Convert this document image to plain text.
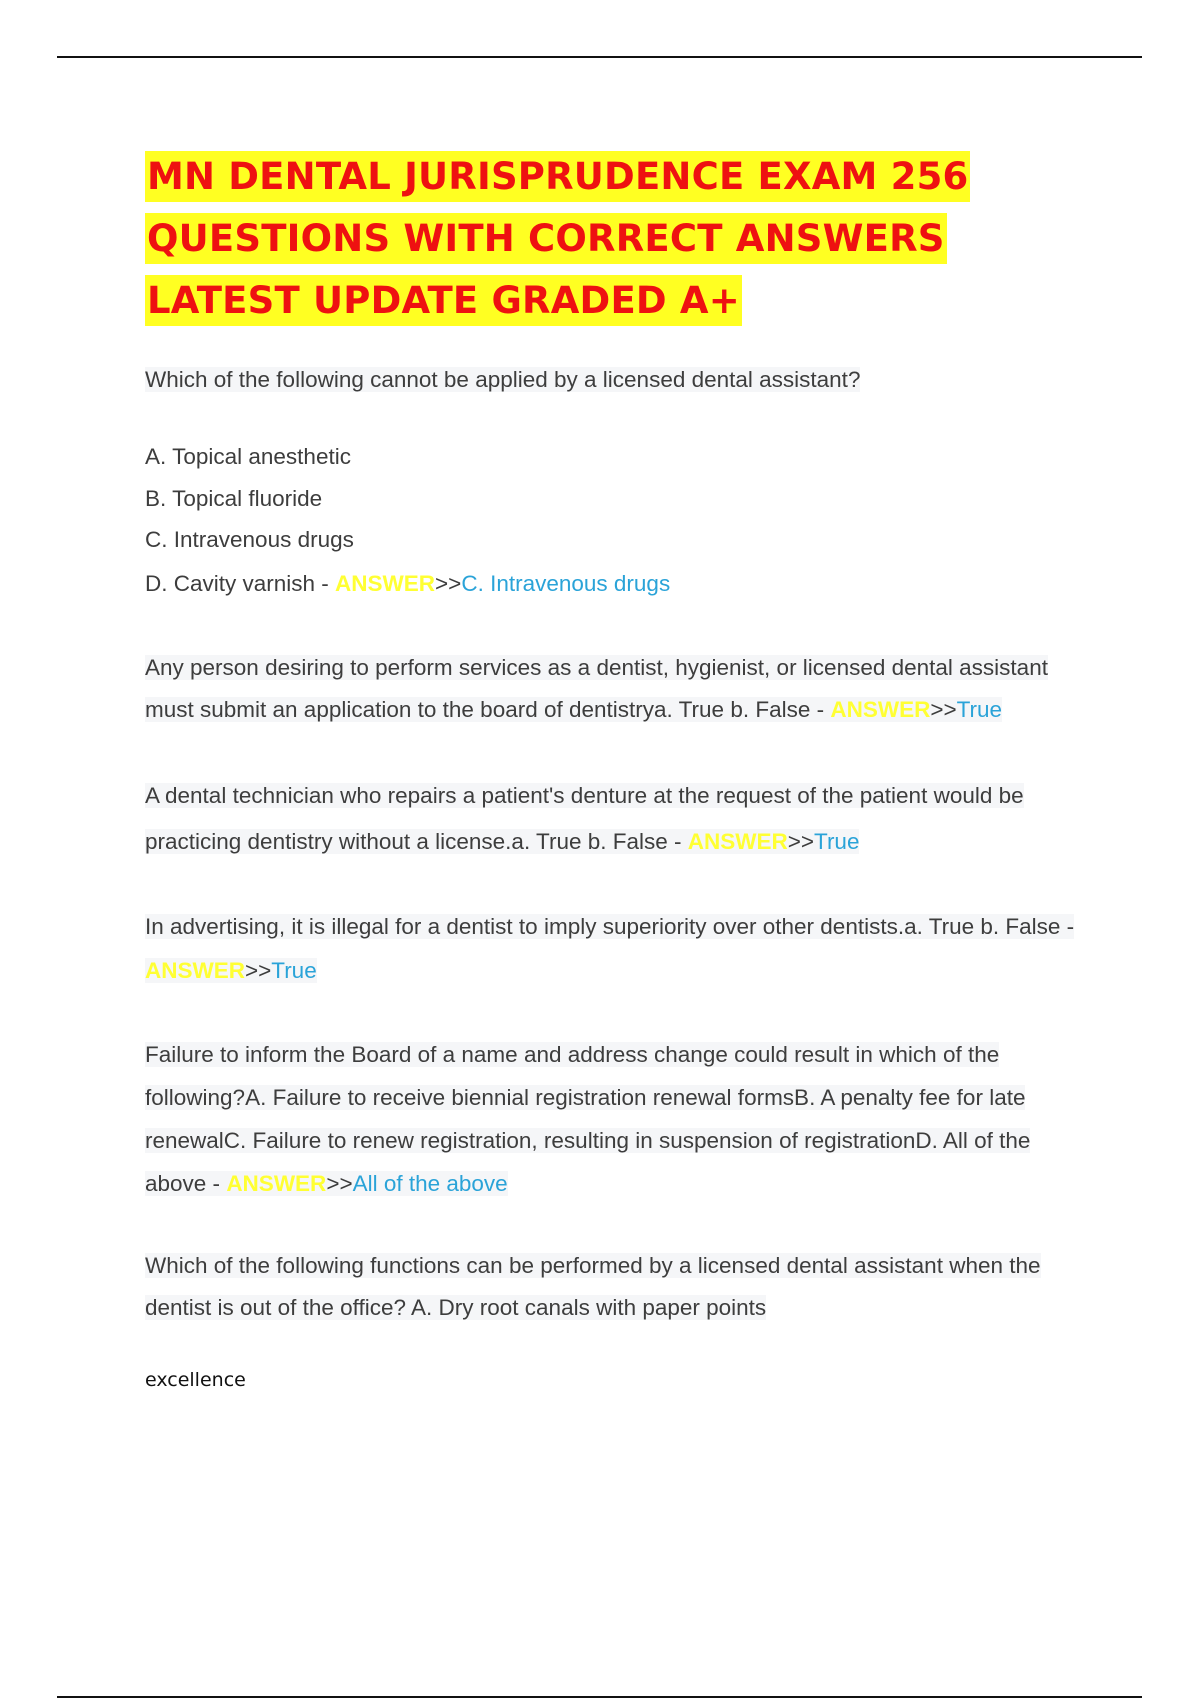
MN DENTAL JURISPRUDENCE EXAM 256 QUESTIONS WITH CORRECT ANSWERS LATEST UPDATE GRADED A+

Which of the following cannot be applied by a licensed dental assistant?

A. Topical anesthetic
B. Topical fluoride
C. Intravenous drugs
D. Cavity varnish - ANSWER>>C. Intravenous drugs

Any person desiring to perform services as a dentist, hygienist, or licensed dental assistant must submit an application to the board of dentistrya. True b. False - ANSWER>>True

A dental technician who repairs a patient's denture at the request of the patient would be practicing dentistry without a license.a. True b. False - ANSWER>>True

In advertising, it is illegal for a dentist to imply superiority over other dentists.a. True b. False - ANSWER>>True

Failure to inform the Board of a name and address change could result in which of the following?A. Failure to receive biennial registration renewal formsB. A penalty fee for late renewalC. Failure to renew registration, resulting in suspension of registrationD. All of the above - ANSWER>>All of the above

Which of the following functions can be performed by a licensed dental assistant when the dentist is out of the office? A. Dry root canals with paper points

excellence
